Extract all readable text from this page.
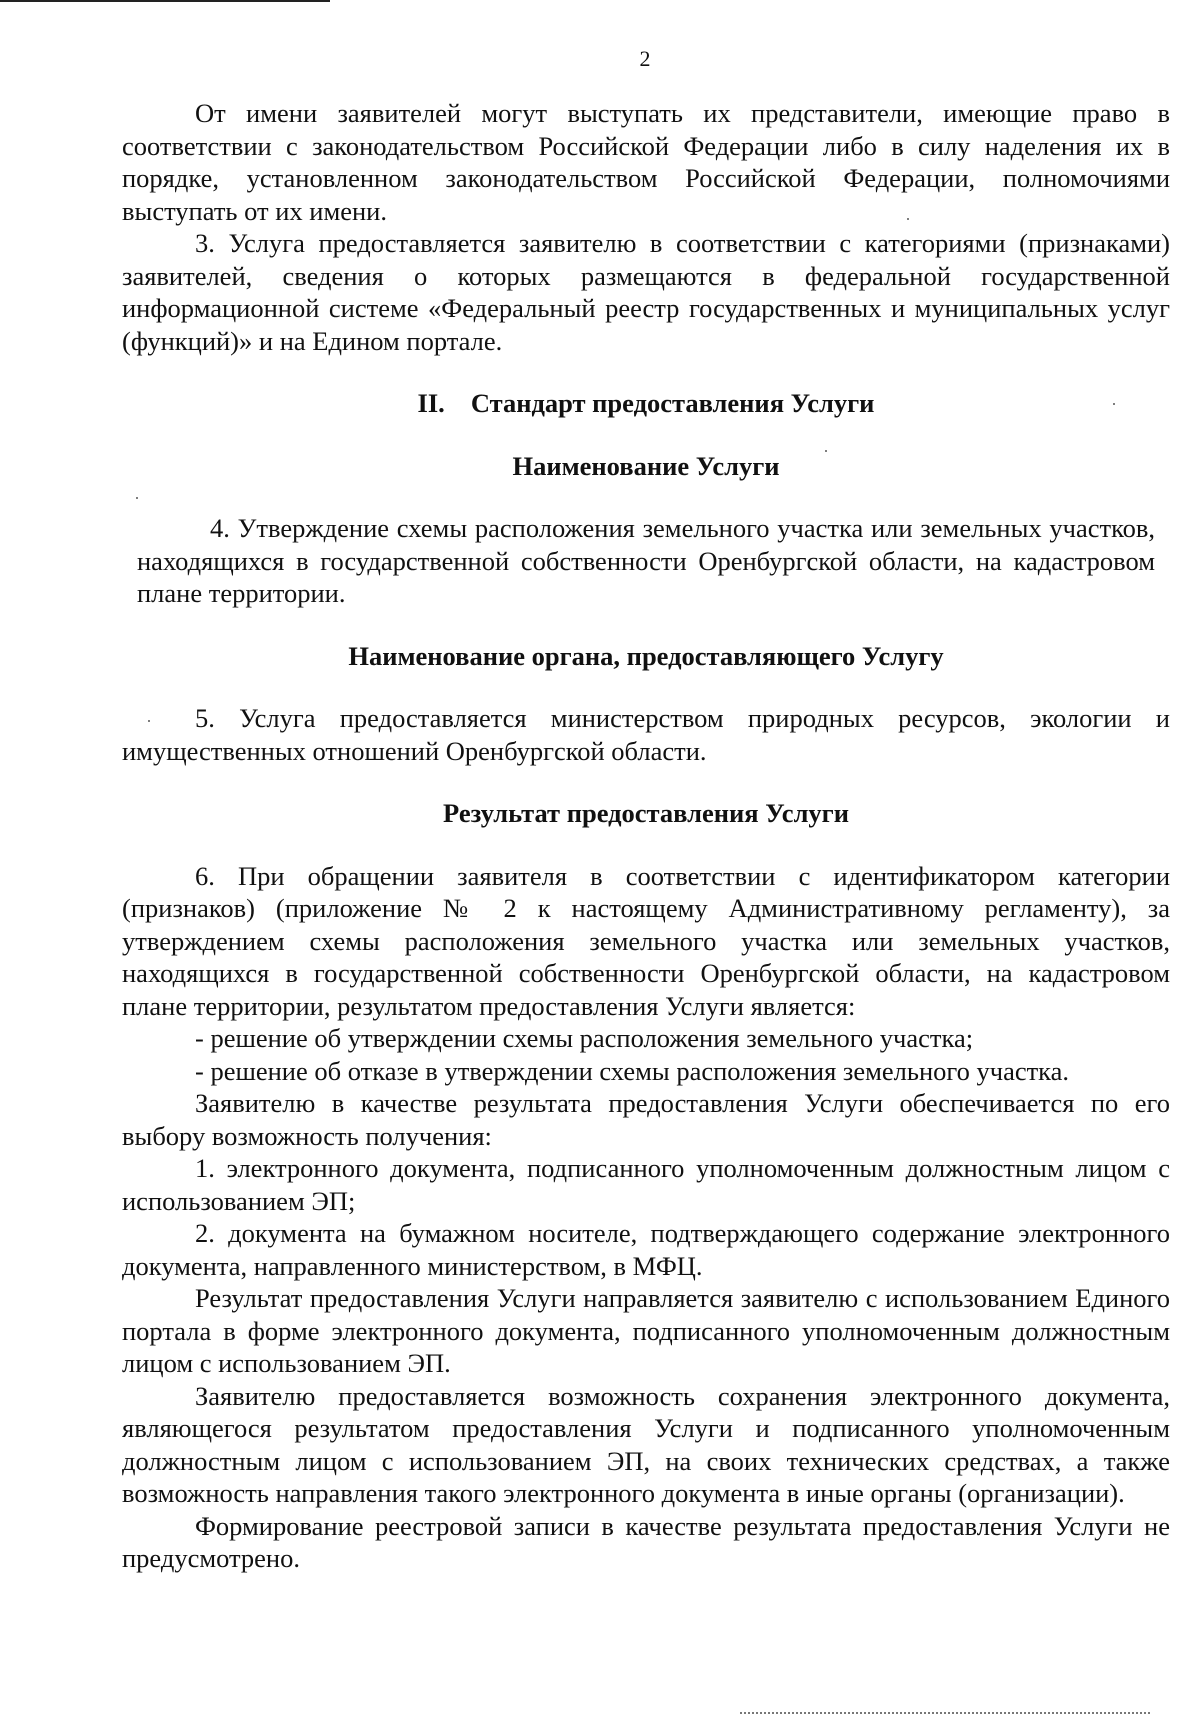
2

От имени заявителей могут выступать их представители, имеющие право в соответствии с законодательством Российской Федерации либо в силу наделения их в порядке, установленном законодательством Российской Федерации, полномочиями выступать от их имени.

3. Услуга предоставляется заявителю в соответствии с категориями (признаками) заявителей, сведения о которых размещаются в федеральной государственной информационной системе «Федеральный реестр государственных и муниципальных услуг (функций)» и на Едином портале.

II. Стандарт предоставления Услуги

Наименование Услуги

4. Утверждение схемы расположения земельного участка или земельных участков, находящихся в государственной собственности Оренбургской области, на кадастровом плане территории.

Наименование органа, предоставляющего Услугу

5. Услуга предоставляется министерством природных ресурсов, экологии и имущественных отношений Оренбургской области.

Результат предоставления Услуги

6. При обращении заявителя в соответствии с идентификатором категории (признаков) (приложение № 2 к настоящему Административному регламенту), за утверждением схемы расположения земельного участка или земельных участков, находящихся в государственной собственности Оренбургской области, на кадастровом плане территории, результатом предоставления Услуги является:

- решение об утверждении схемы расположения земельного участка;

- решение об отказе в утверждении схемы расположения земельного участка.

Заявителю в качестве результата предоставления Услуги обеспечивается по его выбору возможность получения:

1. электронного документа, подписанного уполномоченным должностным лицом с использованием ЭП;

2. документа на бумажном носителе, подтверждающего содержание электронного документа, направленного министерством, в МФЦ.

Результат предоставления Услуги направляется заявителю с использованием Единого портала в форме электронного документа, подписанного уполномоченным должностным лицом с использованием ЭП.

Заявителю предоставляется возможность сохранения электронного документа, являющегося результатом предоставления Услуги и подписанного уполномоченным должностным лицом с использованием ЭП, на своих технических средствах, а также возможность направления такого электронного документа в иные органы (организации).

Формирование реестровой записи в качестве результата предоставления Услуги не предусмотрено.
